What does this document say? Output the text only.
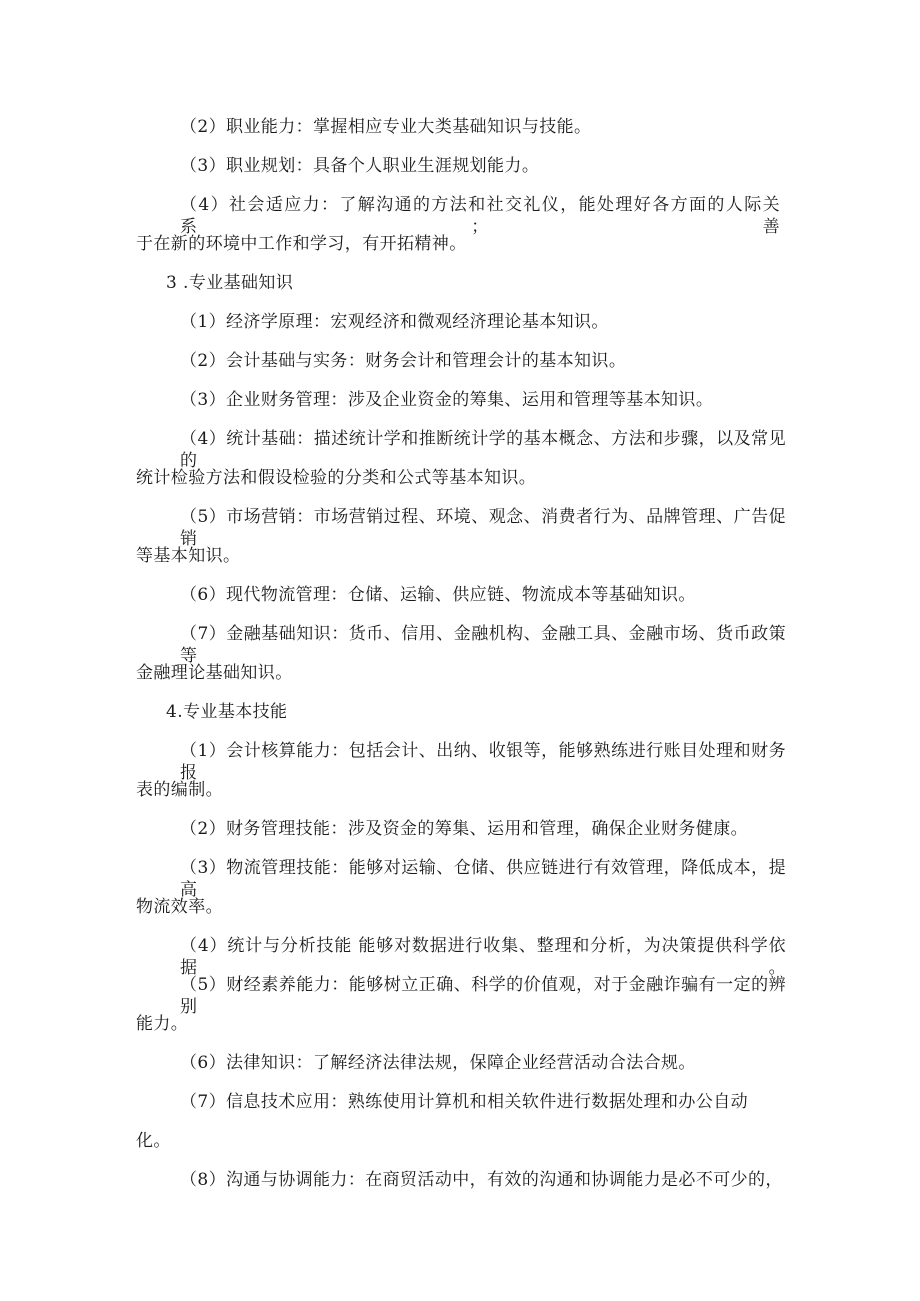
（2）职业能力：掌握相应专业大类基础知识与技能。
（3）职业规划：具备个人职业生涯规划能力。
（4）社会适应力：了解沟通的方法和社交礼仪，能处理好各方面的人际关系；善
于在新的环境中工作和学习，有开拓精神。
3 .专业基础知识
（1）经济学原理：宏观经济和微观经济理论基本知识。
（2）会计基础与实务：财务会计和管理会计的基本知识。
（3）企业财务管理：涉及企业资金的筹集、运用和管理等基本知识。
（4）统计基础：描述统计学和推断统计学的基本概念、方法和步骤，以及常见的
统计检验方法和假设检验的分类和公式等基本知识。
（5）市场营销：市场营销过程、环境、观念、消费者行为、品牌管理、广告促销
等基本知识。
（6）现代物流管理：仓储、运输、供应链、物流成本等基础知识。
（7）金融基础知识：货币、信用、金融机构、金融工具、金融市场、货币政策等
金融理论基础知识。
4.专业基本技能
（1）会计核算能力：包括会计、出纳、收银等，能够熟练进行账目处理和财务报
表的编制。
（2）财务管理技能：涉及资金的筹集、运用和管理，确保企业财务健康。
（3）物流管理技能：能够对运输、仓储、供应链进行有效管理，降低成本，提高
物流效率。
（4）统计与分析技能 能够对数据进行收集、整理和分析，为决策提供科学依据。
（5）财经素养能力：能够树立正确、科学的价值观，对于金融诈骗有一定的辨别
能力。
（6）法律知识：了解经济法律法规，保障企业经营活动合法合规。
（7）信息技术应用：熟练使用计算机和相关软件进行数据处理和办公自动
化。
（8）沟通与协调能力：在商贸活动中，有效的沟通和协调能力是必不可少的，
